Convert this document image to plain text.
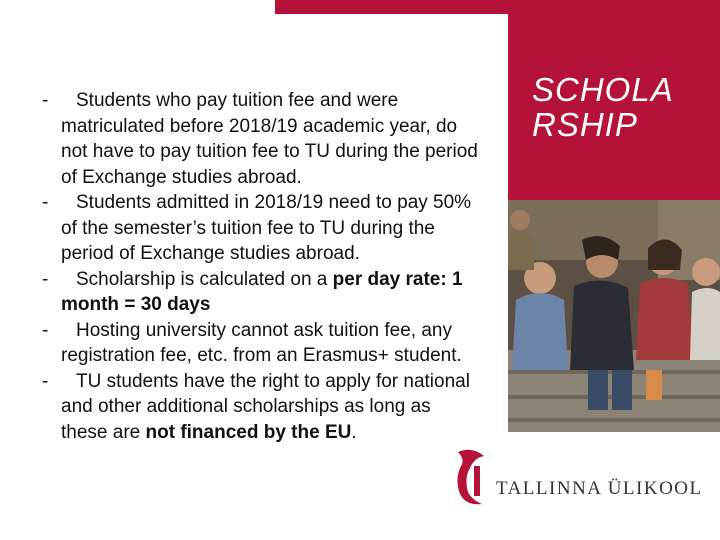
SCHOLA
RSHIP
- Students who pay tuition fee and were matriculated before 2018/19 academic year, do not have to pay tuition fee to TU during the period of Exchange studies abroad.
- Students admitted in 2018/19 need to pay 50% of the semester’s tuition fee to TU during the period of Exchange studies abroad.
- Scholarship is calculated on a per day rate: 1 month = 30 days
- Hosting university cannot ask tuition fee, any registration fee, etc. from an Erasmus+ student.
- TU students have the right to apply for national and other additional scholarships as long as these are not financed by the EU.
TALLINNA ÜLIKOOL
